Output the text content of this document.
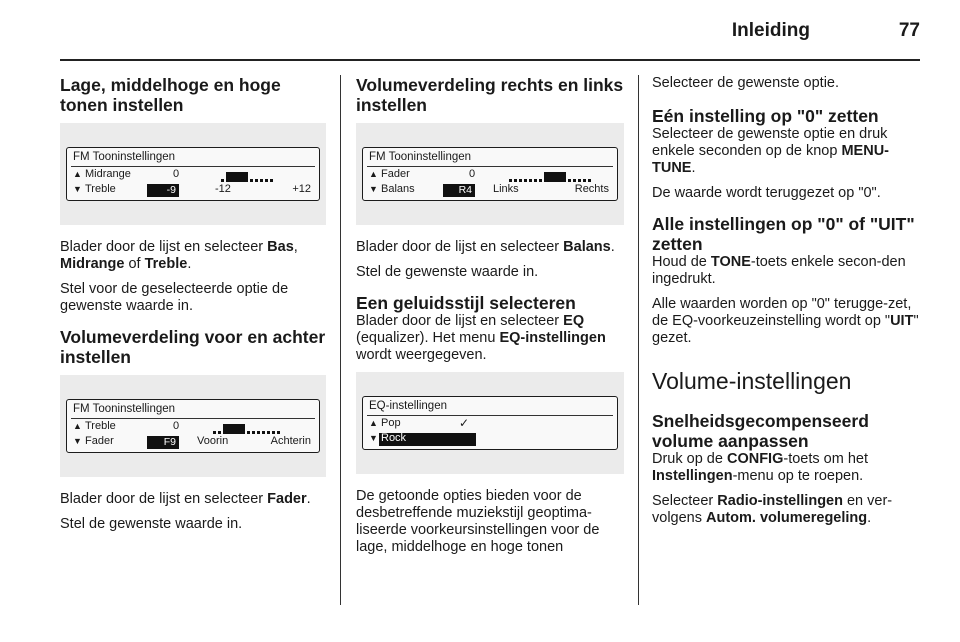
Inleiding	77
Lage, middelhoge en hoge tonen instellen
FM Tooninstellingen
▲ Midrange	0
▼ Treble	-9	-12	+12

Blader door de lijst en selecteer Bas, Midrange of Treble.

Stel voor de geselecteerde optie de gewenste waarde in.

Volumeverdeling voor en achter instellen
FM Tooninstellingen
▲ Treble	0
▼ Fader	F9 Voorin	Achterin

Blader door de lijst en selecteer Fader.

Stel de gewenste waarde in.

Volumeverdeling rechts en links instellen
FM Tooninstellingen
▲ Fader	0
▼ Balans	R4 Links	Rechts

Blader door de lijst en selecteer Balans.

Stel de gewenste waarde in.

Een geluidsstijl selecteren

Blader door de lijst en selecteer EQ (equalizer). Het menu EQ-instellingen wordt weergegeven.

EQ-instellingen
▲ Pop	✓
▼ Rock

De getoonde opties bieden voor de desbetreffende muziekstijl geoptima-liseerde voorkeursinstellingen voor de lage, middelhoge en hoge tonen

Selecteer de gewenste optie.

Eén instelling op "0" zetten

Selecteer de gewenste optie en druk enkele seconden op de knop MENU-TUNE.

De waarde wordt teruggezet op "0".

Alle instellingen op "0" of "UIT" zetten

Houd de TONE-toets enkele secon-den ingedrukt.

Alle waarden worden op "0" terugge-zet, de EQ-voorkeuzeinstelling wordt op "UIT" gezet.

Volume-instellingen
Snelheidsgecompenseerd volume aanpassen

Druk op de CONFIG-toets om het Instellingen-menu op te roepen.

Selecteer Radio-instellingen en ver-volgens Autom. volumeregeling.
